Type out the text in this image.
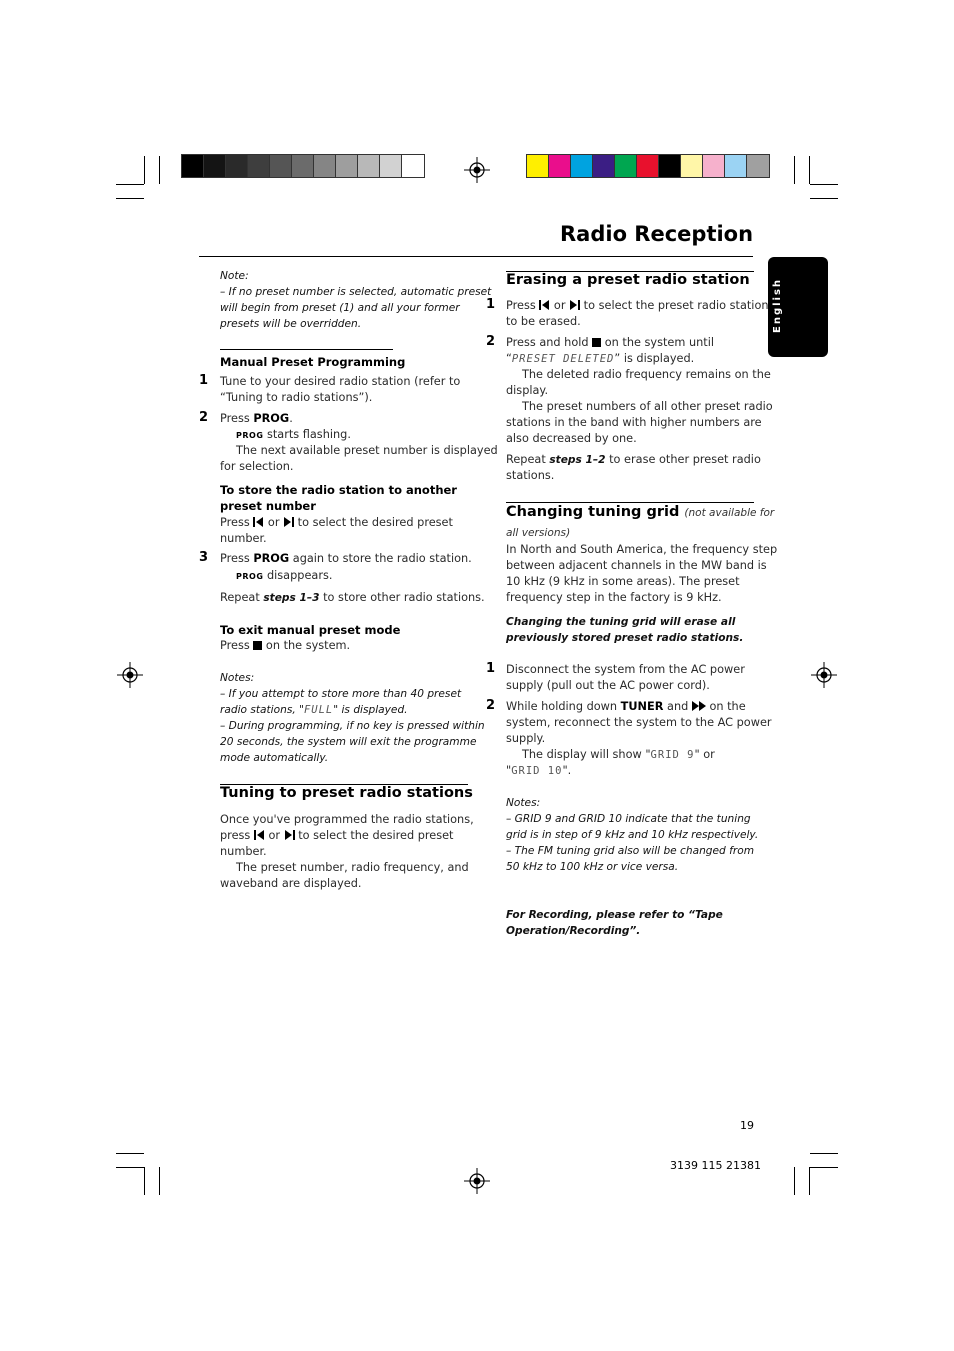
Radio Reception
English
Note:
– If no preset number is selected, automatic preset
will begin from preset (1) and all your former
presets will be overridden.
Manual Preset Programming
1 Tune to your desired radio station (refer to
“Tuning to radio stations”).
2 Press PROG.
PROG starts flashing.
The next available preset number is displayed
for selection.
To store the radio station to another
preset number
Press or to select the desired preset
number.
3 Press PROG again to store the radio station.
PROG disappears.
Repeat steps 1–3 to store other radio stations.
To exit manual preset mode
Press on the system.
Notes:
– If you attempt to store more than 40 preset
radio stations, "FULL" is displayed.
– During programming, if no key is pressed within
20 seconds, the system will exit the programme
mode automatically.
Tuning to preset radio stations
Once you've programmed the radio stations,
press or to select the desired preset
number.
The preset number, radio frequency, and
waveband are displayed.
Erasing a preset radio station
1 Press or to select the preset radio station
to be erased.
2 Press and hold on the system until
“PRESET DELETED” is displayed.
The deleted radio frequency remains on the
display.
The preset numbers of all other preset radio
stations in the band with higher numbers are
also decreased by one.
Repeat steps 1–2 to erase other preset radio
stations.
Changing tuning grid (not available for
all versions)
In North and South America, the frequency step
between adjacent channels in the MW band is
10 kHz (9 kHz in some areas). The preset
frequency step in the factory is 9 kHz.
Changing the tuning grid will erase all
previously stored preset radio stations.
1 Disconnect the system from the AC power
supply (pull out the AC power cord).
2 While holding down TUNER and on the
system, reconnect the system to the AC power
supply.
The display will show "GRID 9" or
"GRID 10".
Notes:
– GRID 9 and GRID 10 indicate that the tuning
grid is in step of 9 kHz and 10 kHz respectively.
– The FM tuning grid also will be changed from
50 kHz to 100 kHz or vice versa.
For Recording, please refer to “Tape
Operation/Recording”.
19
3139 115 21381
